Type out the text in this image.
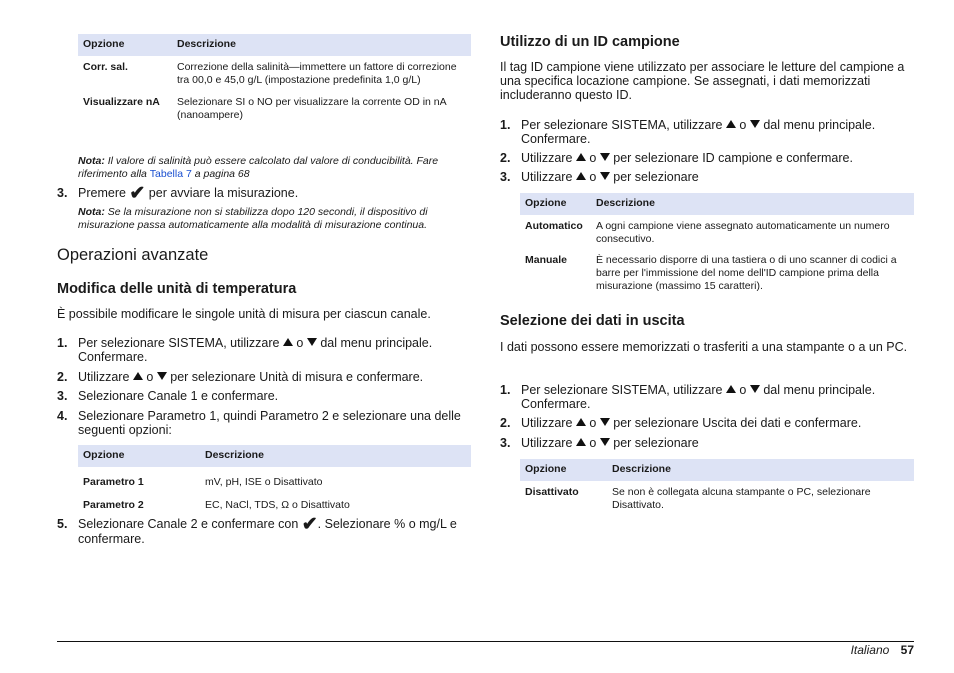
Opzione	Descrizione
Corr. sal.	Correzione della salinità—immettere un fattore di correzione tra 00,0 e 45,0 g/L (impostazione predefinita 1,0 g/L)
Visualizzare nA	Selezionare SI o NO per visualizzare la corrente OD in nA (nanoampere)
Nota: Il valore di salinità può essere calcolato dal valore di conducibilità. Fare riferimento alla Tabella 7 a pagina 68
3. Premere ✔ per avviare la misurazione.
Nota: Se la misurazione non si stabilizza dopo 120 secondi, il dispositivo di misurazione passa automaticamente alla modalità di misurazione continua.
Operazioni avanzate
Modifica delle unità di temperatura
È possibile modificare le singole unità di misura per ciascun canale.
1. Per selezionare SISTEMA, utilizzare  o  dal menu principale.
Confermare.
2. Utilizzare  o  per selezionare Unità di misura e confermare.
3. Selezionare Canale 1 e confermare.
4. Selezionare Parametro 1, quindi Parametro 2 e selezionare una delle
seguenti opzioni:
Opzione	Descrizione
Parametro 1	mV, pH, ISE o Disattivato
Parametro 2	EC, NaCl, TDS, Ω o Disattivato
5. Selezionare Canale 2 e confermare con ✔. Selezionare % o mg/L e
confermare.
Utilizzo di un ID campione
Il tag ID campione viene utilizzato per associare le letture del campione a una specifica locazione campione. Se assegnati, i dati memorizzati includeranno questo ID.
1. Per selezionare SISTEMA, utilizzare  o  dal menu principale.
Confermare.
2. Utilizzare  o  per selezionare ID campione e confermare.
3. Utilizzare  o  per selezionare
Opzione	Descrizione
Automatico	A ogni campione viene assegnato automaticamente un numero consecutivo.
Manuale	È necessario disporre di una tastiera o di uno scanner di codici a barre per l'immissione del nome dell'ID campione prima della misurazione (massimo 15 caratteri).
Selezione dei dati in uscita
I dati possono essere memorizzati o trasferiti a una stampante o a un PC.
1. Per selezionare SISTEMA, utilizzare  o  dal menu principale.
Confermare.
2. Utilizzare  o  per selezionare Uscita dei dati e confermare.
3. Utilizzare  o  per selezionare
Opzione	Descrizione
Disattivato	Se non è collegata alcuna stampante o PC, selezionare Disattivato.
Italiano 57
